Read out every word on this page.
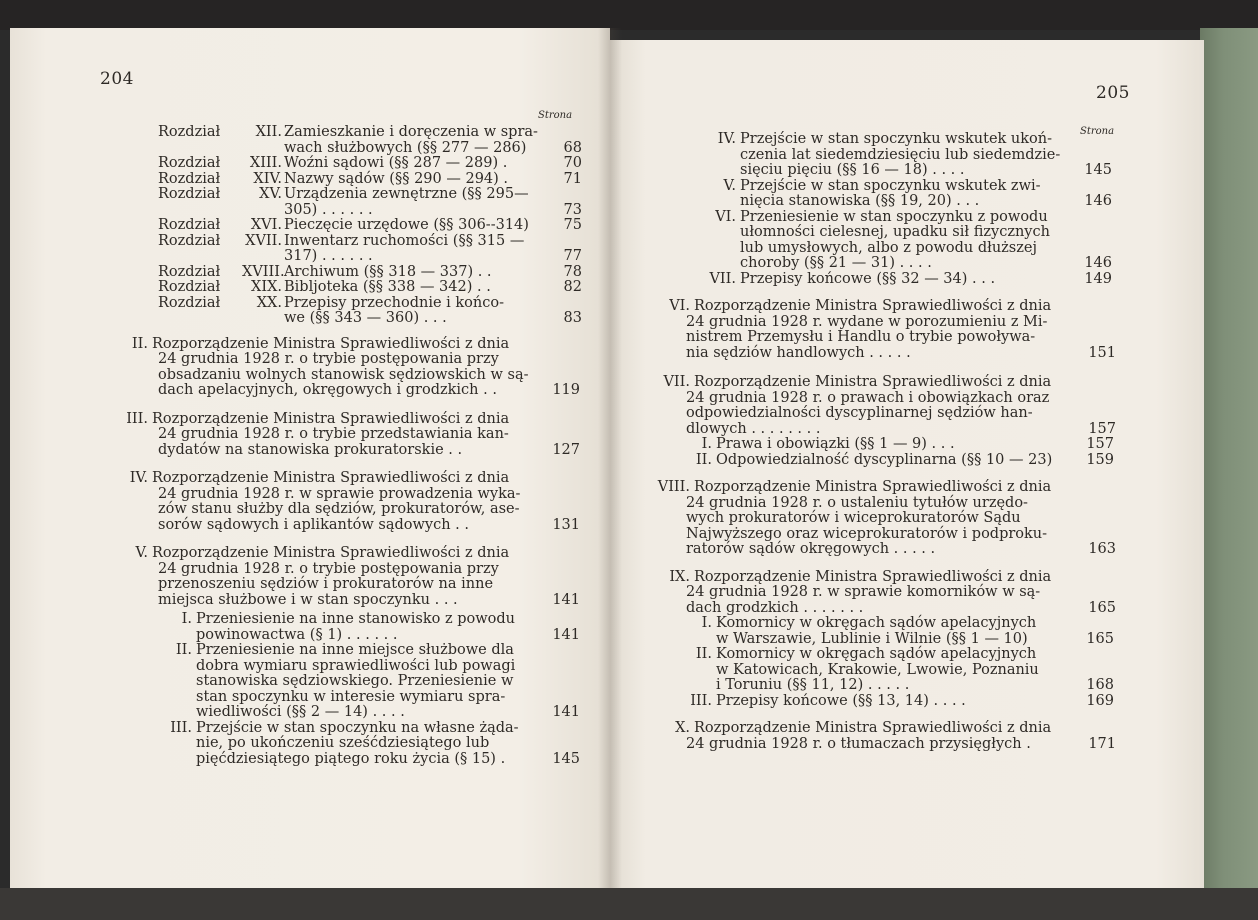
204
Strona
Rozdział	XII. Zamieszkanie i doręczenia w spra-
wach służbowych (§§ 277 — 286)	68
Rozdział	XIII. Woźni sądowi (§§ 287 — 289) .	70
Rozdział	XIV. Nazwy sądów (§§ 290 — 294) .	71
Rozdział	XV. Urządzenia zewnętrzne (§§ 295—
305) . . . . . .	73
Rozdział	XVI. Pieczęcie urzędowe (§§ 306--314)	75
Rozdział XVII. Inwentarz ruchomości (§§ 315 —
317) . . . . . .	77
Rozdział XVIII. Archiwum (§§ 318 — 337) . .	78
Rozdział	XIX. Bibljoteka (§§ 338 — 342) . .	82
Rozdział	XX. Przepisy przechodnie i końco-
we (§§ 343 — 360) . . .	83
II. Rozporządzenie Ministra Sprawiedliwości z dnia
24 grudnia 1928 r. o trybie postępowania przy
obsadzaniu wolnych stanowisk sędziowskich w są-
dach apelacyjnych, okręgowych i grodzkich . .	119
III. Rozporządzenie Ministra Sprawiedliwości z dnia
24 grudnia 1928 r. o trybie przedstawiania kan-
dydatów na stanowiska prokuratorskie . .	127
IV. Rozporządzenie Ministra Sprawiedliwości z dnia
24 grudnia 1928 r. w sprawie prowadzenia wyka-
zów stanu służby dla sędziów, prokuratorów, ase-
sorów sądowych i aplikantów sądowych . .	131
V. Rozporządzenie Ministra Sprawiedliwości z dnia
24 grudnia 1928 r. o trybie postępowania przy
przenoszeniu sędziów i prokuratorów na inne
miejsca służbowe i w stan spoczynku . . .	141
I. Przeniesienie na inne stanowisko z powodu
powinowactwa (§ 1) . . . . . .	141
II. Przeniesienie na inne miejsce służbowe dla
dobra wymiaru sprawiedliwości lub powagi
stanowiska sędziowskiego. Przeniesienie w
stan spoczynku w interesie wymiaru spra-
wiedliwości (§§ 2 — 14) . . . .	141
III. Przejście w stan spoczynku na własne żąda-
nie, po ukończeniu sześćdziesiątego lub
pięćdziesiątego piątego roku życia (§ 15) .	145
205
Strona
IV. Przejście w stan spoczynku wskutek ukoń-
czenia lat siedemdziesięciu lub siedemdzie-
sięciu pięciu (§§ 16 — 18) . . . .	145
V. Przejście w stan spoczynku wskutek zwi-
nięcia stanowiska (§§ 19, 20) . . .	146
VI. Przeniesienie w stan spoczynku z powodu
ułomności cielesnej, upadku sił fizycznych
lub umysłowych, albo z powodu dłuższej
choroby (§§ 21 — 31) . . . .	146
VII. Przepisy końcowe (§§ 32 — 34) . . .	149
VI. Rozporządzenie Ministra Sprawiedliwości z dnia
24 grudnia 1928 r. wydane w porozumieniu z Mi-
nistrem Przemysłu i Handlu o trybie powoływa-
nia sędziów handlowych . . . . .	151
VII. Rozporządzenie Ministra Sprawiedliwości z dnia
24 grudnia 1928 r. o prawach i obowiązkach oraz
odpowiedzialności dyscyplinarnej sędziów han-
dlowych . . . . . . . .	157
I. Prawa i obowiązki (§§ 1 — 9) . . .	157
II. Odpowiedzialność dyscyplinarna (§§ 10 — 23)	159
VIII. Rozporządzenie Ministra Sprawiedliwości z dnia
24 grudnia 1928 r. o ustaleniu tytułów urzędo-
wych prokuratorów i wiceprokuratorów Sądu
Najwyższego oraz wiceprokuratorów i podproku-
ratorów sądów okręgowych . . . . .	163
IX. Rozporządzenie Ministra Sprawiedliwości z dnia
24 grudnia 1928 r. w sprawie komorników w są-
dach grodzkich . . . . . . .	165
I. Komornicy w okręgach sądów apelacyjnych
w Warszawie, Lublinie i Wilnie (§§ 1 — 10)	165
II. Komornicy w okręgach sądów apelacyjnych
w Katowicach, Krakowie, Lwowie, Poznaniu
i Toruniu (§§ 11, 12) . . . . .	168
III. Przepisy końcowe (§§ 13, 14) . . . .	169
X. Rozporządzenie Ministra Sprawiedliwości z dnia
24 grudnia 1928 r. o tłumaczach przysięgłych .	171
